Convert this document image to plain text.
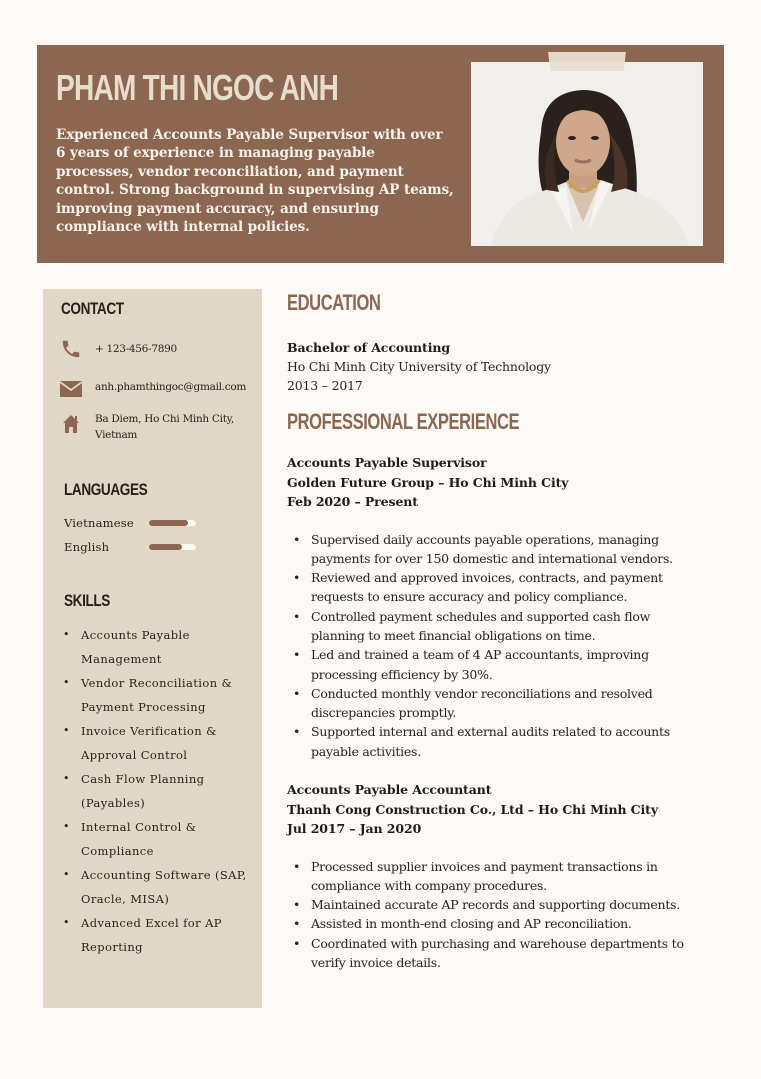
PHAM THI NGOC ANH
Experienced Accounts Payable Supervisor with over 6 years of experience in managing payable processes, vendor reconciliation, and payment control. Strong background in supervising AP teams, improving payment accuracy, and ensuring compliance with internal policies.
CONTACT
+ 123-456-7890
anh.phamthingoc@gmail.com
Ba Diem, Ho Chi Minh City, Vietnam
LANGUAGES
Vietnamese
English
SKILLS
• Accounts Payable Management
• Vendor Reconciliation & Payment Processing
• Invoice Verification & Approval Control
• Cash Flow Planning (Payables)
• Internal Control & Compliance
• Accounting Software (SAP, Oracle, MISA)
• Advanced Excel for AP Reporting
EDUCATION
Bachelor of Accounting
Ho Chi Minh City University of Technology
2013 – 2017
PROFESSIONAL EXPERIENCE
Accounts Payable Supervisor
Golden Future Group – Ho Chi Minh City
Feb 2020 – Present
• Supervised daily accounts payable operations, managing payments for over 150 domestic and international vendors.
• Reviewed and approved invoices, contracts, and payment requests to ensure accuracy and policy compliance.
• Controlled payment schedules and supported cash flow planning to meet financial obligations on time.
• Led and trained a team of 4 AP accountants, improving processing efficiency by 30%.
• Conducted monthly vendor reconciliations and resolved discrepancies promptly.
• Supported internal and external audits related to accounts payable activities.
Accounts Payable Accountant
Thanh Cong Construction Co., Ltd – Ho Chi Minh City
Jul 2017 – Jan 2020
• Processed supplier invoices and payment transactions in compliance with company procedures.
• Maintained accurate AP records and supporting documents.
• Assisted in month-end closing and AP reconciliation.
• Coordinated with purchasing and warehouse departments to verify invoice details.
